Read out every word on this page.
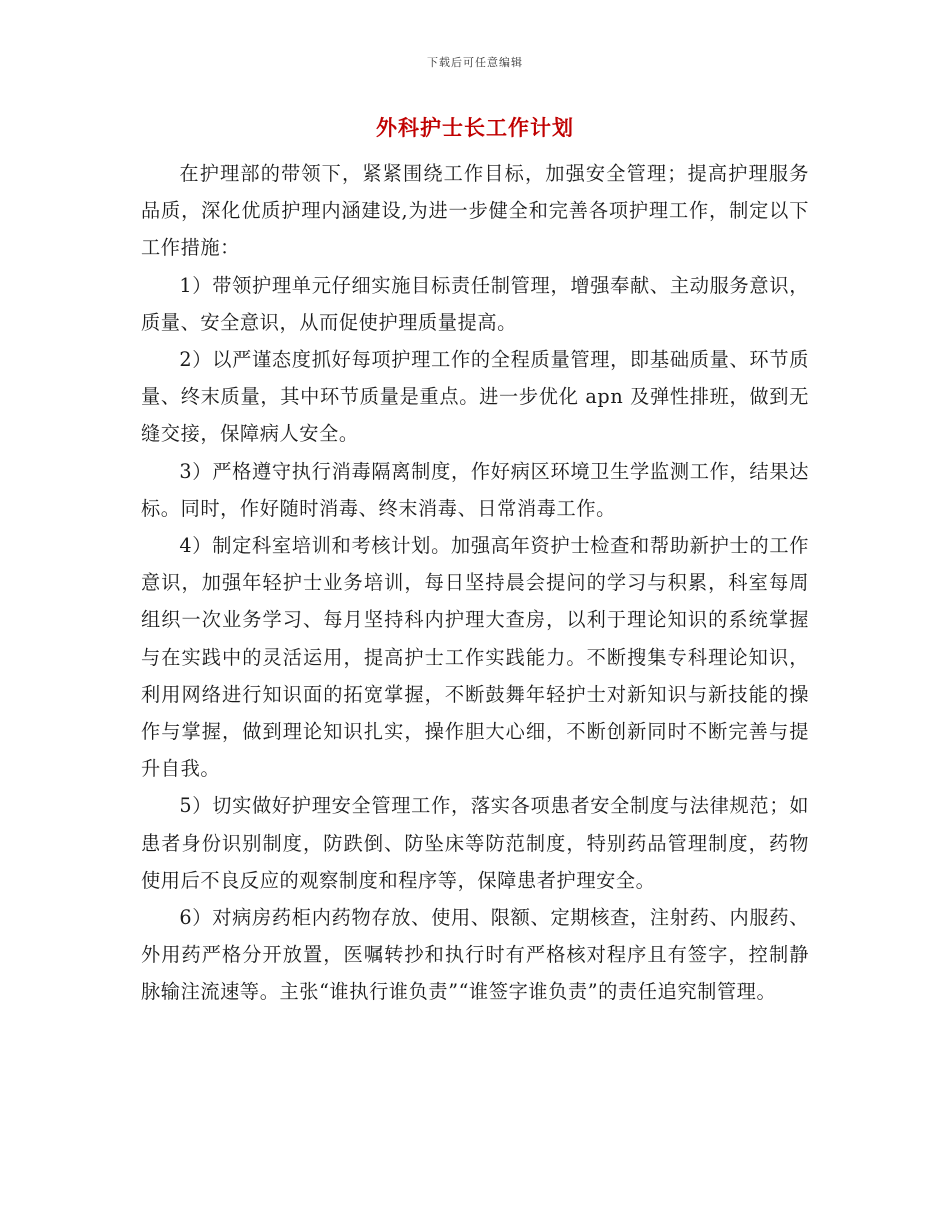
下载后可任意编辑
外科护士长工作计划

在护理部的带领下，紧紧围绕工作目标，加强安全管理；提高护理服务品质，深化优质护理内涵建设,为进一步健全和完善各项护理工作，制定以下工作措施：

1）带领护理单元仔细实施目标责任制管理，增强奉献、主动服务意识，质量、安全意识，从而促使护理质量提高。

2）以严谨态度抓好每项护理工作的全程质量管理，即基础质量、环节质量、终末质量，其中环节质量是重点。进一步优化 apn 及弹性排班，做到无缝交接，保障病人安全。

3）严格遵守执行消毒隔离制度，作好病区环境卫生学监测工作，结果达标。同时，作好随时消毒、终末消毒、日常消毒工作。

4）制定科室培训和考核计划。加强高年资护士检查和帮助新护士的工作意识，加强年轻护士业务培训，每日坚持晨会提问的学习与积累，科室每周组织一次业务学习、每月坚持科内护理大查房，以利于理论知识的系统掌握与在实践中的灵活运用，提高护士工作实践能力。不断搜集专科理论知识，利用网络进行知识面的拓宽掌握，不断鼓舞年轻护士对新知识与新技能的操作与掌握，做到理论知识扎实，操作胆大心细，不断创新同时不断完善与提升自我。

5）切实做好护理安全管理工作，落实各项患者安全制度与法律规范；如患者身份识别制度，防跌倒、防坠床等防范制度，特别药品管理制度，药物使用后不良反应的观察制度和程序等，保障患者护理安全。

6）对病房药柜内药物存放、使用、限额、定期核查，注射药、内服药、外用药严格分开放置，医嘱转抄和执行时有严格核对程序且有签字，控制静脉输注流速等。主张“谁执行谁负责”“谁签字谁负责”的责任追究制管理。
